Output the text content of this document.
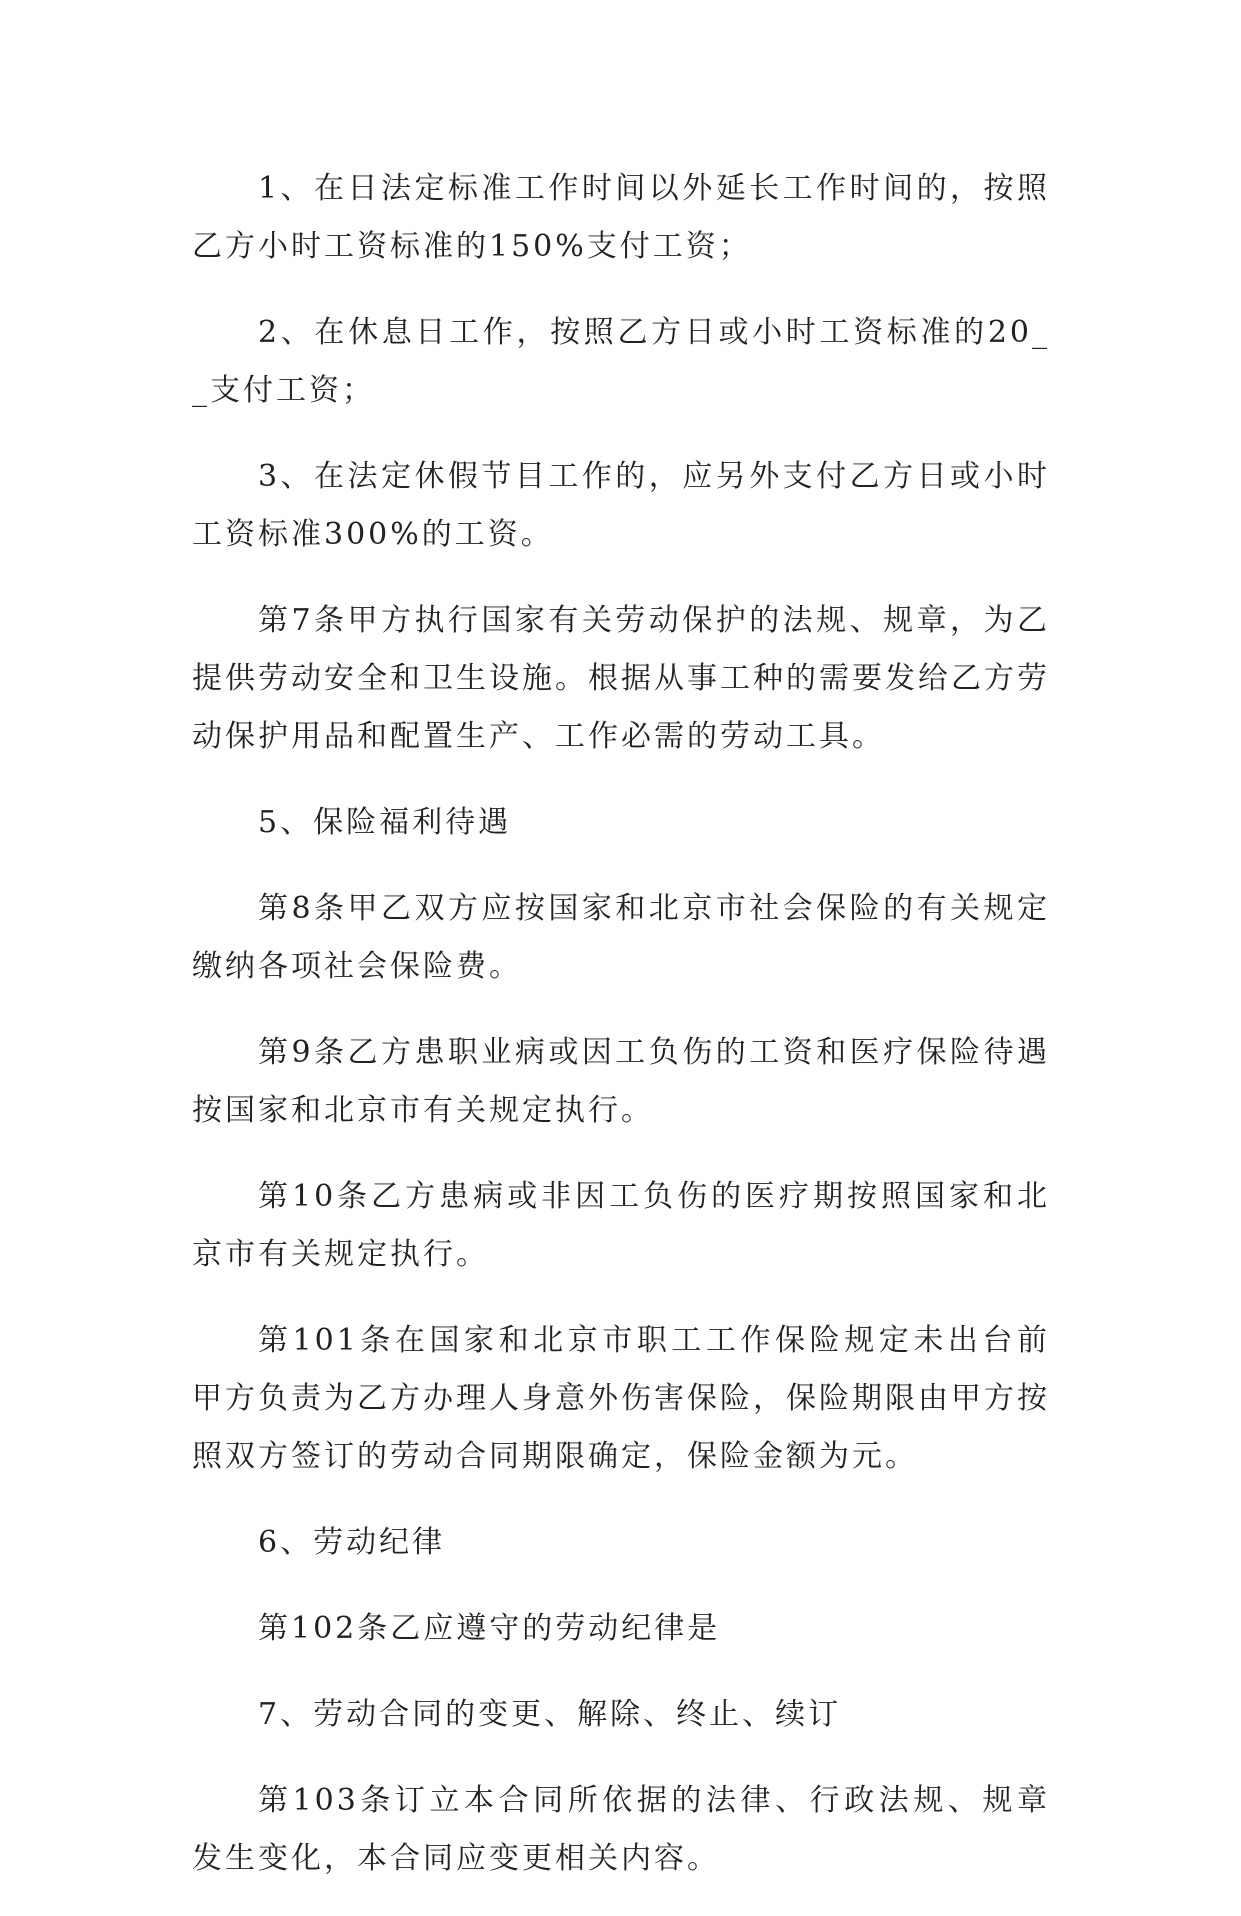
1、在日法定标准工作时间以外延长工作时间的，按照乙方小时工资标准的150%支付工资；

2、在休息日工作，按照乙方日或小时工资标准的20__支付工资；

3、在法定休假节目工作的，应另外支付乙方日或小时工资标准300%的工资。

第7条甲方执行国家有关劳动保护的法规、规章，为乙提供劳动安全和卫生设施。根据从事工种的需要发给乙方劳动保护用品和配置生产、工作必需的劳动工具。

5、保险福利待遇

第8条甲乙双方应按国家和北京市社会保险的有关规定缴纳各项社会保险费。

第9条乙方患职业病或因工负伤的工资和医疗保险待遇按国家和北京市有关规定执行。

第10条乙方患病或非因工负伤的医疗期按照国家和北京市有关规定执行。

第101条在国家和北京市职工工作保险规定未出台前甲方负责为乙方办理人身意外伤害保险，保险期限由甲方按照双方签订的劳动合同期限确定，保险金额为元。

6、劳动纪律

第102条乙应遵守的劳动纪律是

7、劳动合同的变更、解除、终止、续订

第103条订立本合同所依据的法律、行政法规、规章发生变化，本合同应变更相关内容。
